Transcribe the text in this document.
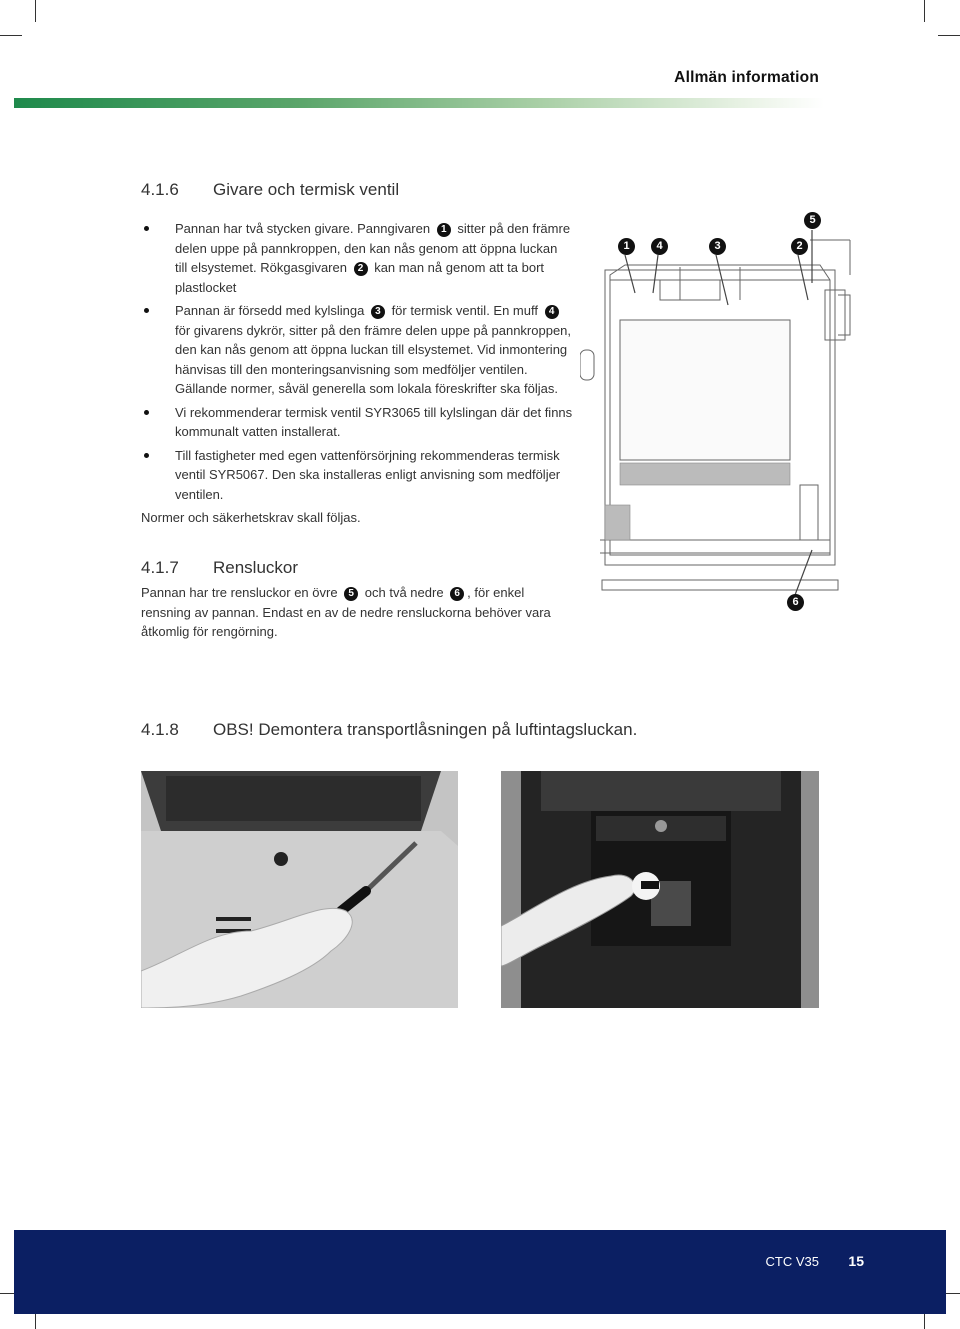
Allmän information
4.1.6 Givare och termisk ventil
Pannan har två stycken givare. Panngivaren 1 sitter på den främre delen uppe på pannkroppen, den kan nås genom att öppna luckan till elsystemet. Rökgasgivaren 2 kan man nå genom att ta bort plastlocket
Pannan är försedd med kylslinga 3 för termisk ventil. En muff 4 för givarens dykrör, sitter på den främre delen uppe på pannkroppen, den kan nås genom att öppna luckan till elsystemet. Vid inmontering hänvisas till den monteringsanvisning som medföljer ventilen. Gällande normer, såväl generella som lokala föreskrifter ska följas.
Vi rekommenderar termisk ventil SYR3065 till kylslingan där det finns kommunalt vatten installerat.
Till fastigheter med egen vattenförsörjning rekommenderas termisk ventil SYR5067. Den ska installeras enligt anvisning som medföljer ventilen.
Normer och säkerhetskrav skall följas.
4.1.7 Rensluckor
Pannan har tre rensluckor en övre 5 och två nedre 6 , för enkel rensning av pannan. Endast en av de nedre rensluckorna behöver vara åtkomlig för rengörning.
1	4	3	2
5
6
4.1.8 OBS! Demontera transportlåsningen på luftintagsluckan.
CTC V35 15
